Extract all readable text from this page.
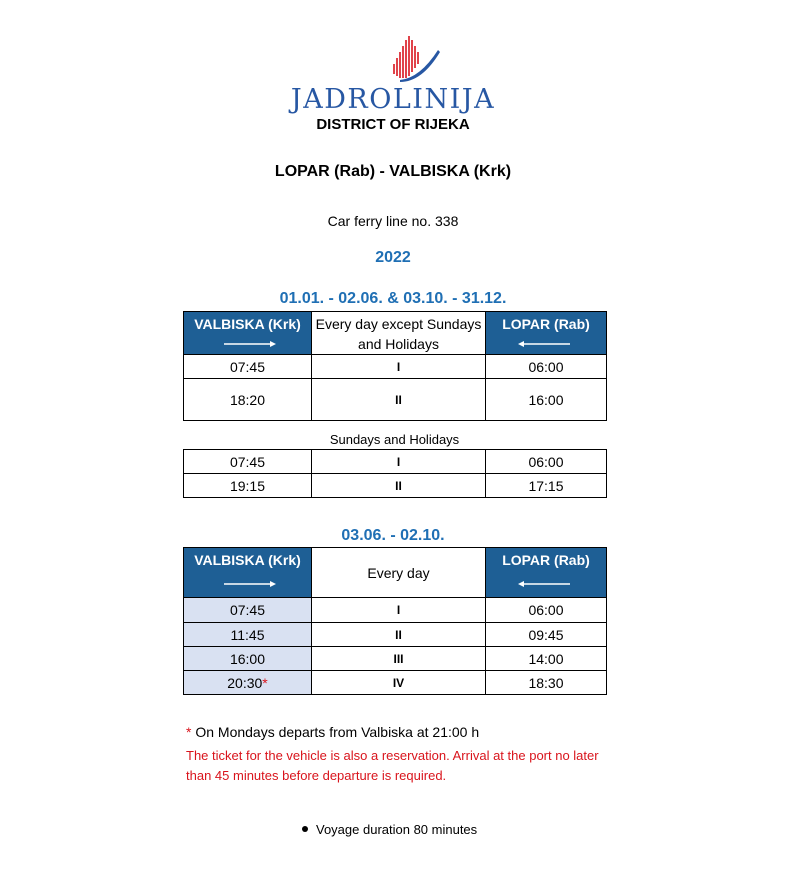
JADROLINIJA
DISTRICT OF RIJEKA
LOPAR (Rab) - VALBISKA (Krk)
Car ferry line no. 338
2022
01.01. - 02.06. & 03.10. - 31.12.
VALBISKA (Krk)	Every day except Sundays and Holidays	LOPAR (Rab)

07:45	I	06:00
18:20	II	16:00
Sundays and Holidays
07:45	I	06:00
19:15	II	17:15
03.06. - 02.10.
VALBISKA (Krk)	Every day	LOPAR (Rab)

07:45	I	06:00
11:45	II	09:45
16:00	III	14:00
20:30*	IV	18:30
* On Mondays departs from Valbiska at 21:00 h
The ticket for the vehicle is also a reservation. Arrival at the port no later than 45 minutes before departure is required.
Voyage duration 80 minutes
